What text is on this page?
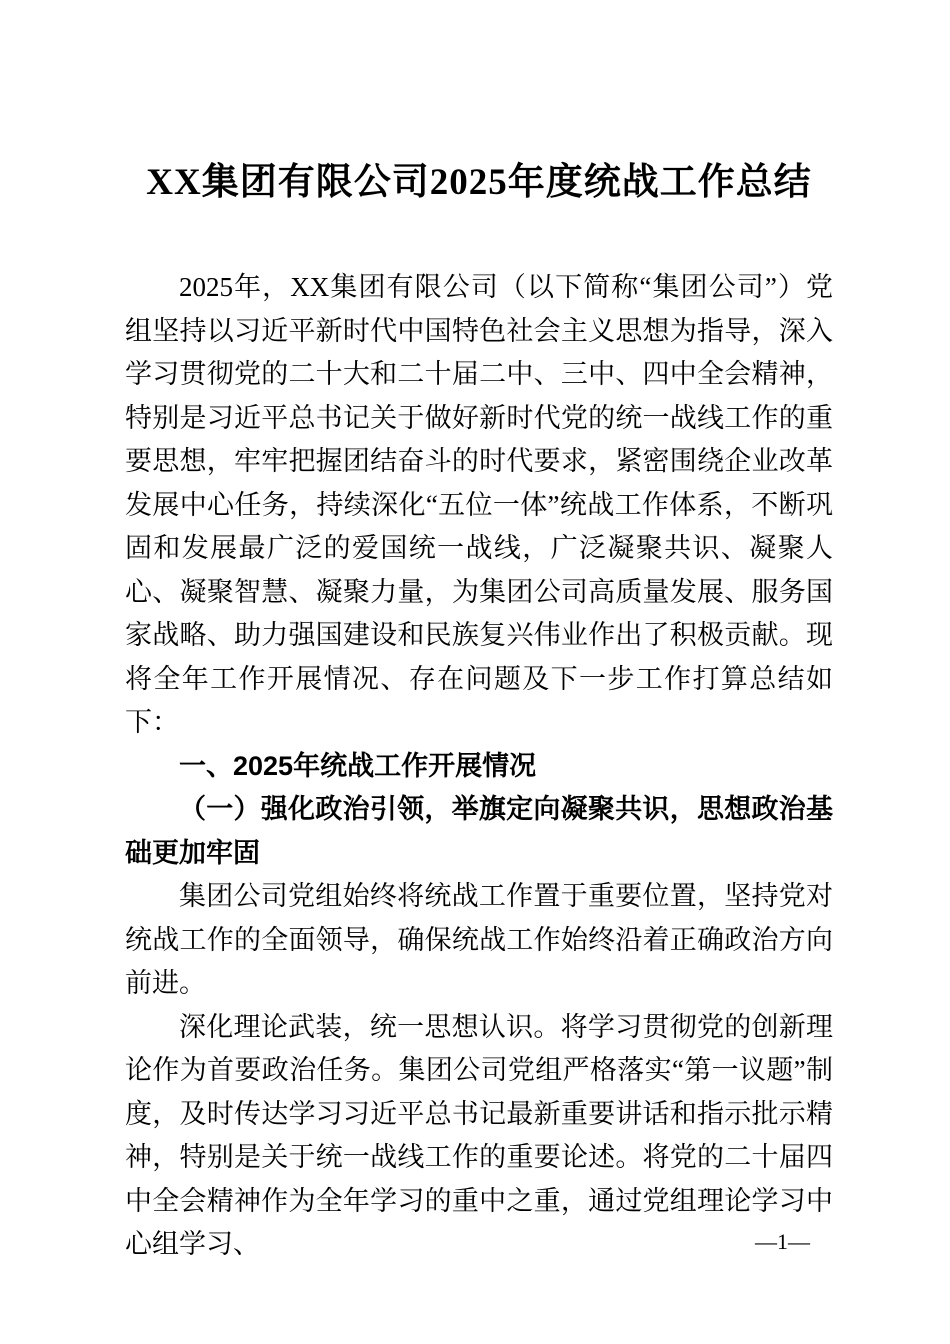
XX集团有限公司2025年度统战工作总结

2025年，XX集团有限公司（以下简称“集团公司”）党组坚持以习近平新时代中国特色社会主义思想为指导，深入学习贯彻党的二十大和二十届二中、三中、四中全会精神，特别是习近平总书记关于做好新时代党的统一战线工作的重要思想，牢牢把握团结奋斗的时代要求，紧密围绕企业改革发展中心任务，持续深化“五位一体”统战工作体系，不断巩固和发展最广泛的爱国统一战线，广泛凝聚共识、凝聚人心、凝聚智慧、凝聚力量，为集团公司高质量发展、服务国家战略、助力强国建设和民族复兴伟业作出了积极贡献。现将全年工作开展情况、存在问题及下一步工作打算总结如下：

一、2025年统战工作开展情况

（一）强化政治引领，举旗定向凝聚共识，思想政治基础更加牢固

集团公司党组始终将统战工作置于重要位置，坚持党对统战工作的全面领导，确保统战工作始终沿着正确政治方向前进。

深化理论武装，统一思想认识。将学习贯彻党的创新理论作为首要政治任务。集团公司党组严格落实“第一议题”制度，及时传达学习习近平总书记最新重要讲话和指示批示精神，特别是关于统一战线工作的重要论述。将党的二十届四中全会精神作为全年学习的重中之重，通过党组理论学习中心组学习、	—1—
